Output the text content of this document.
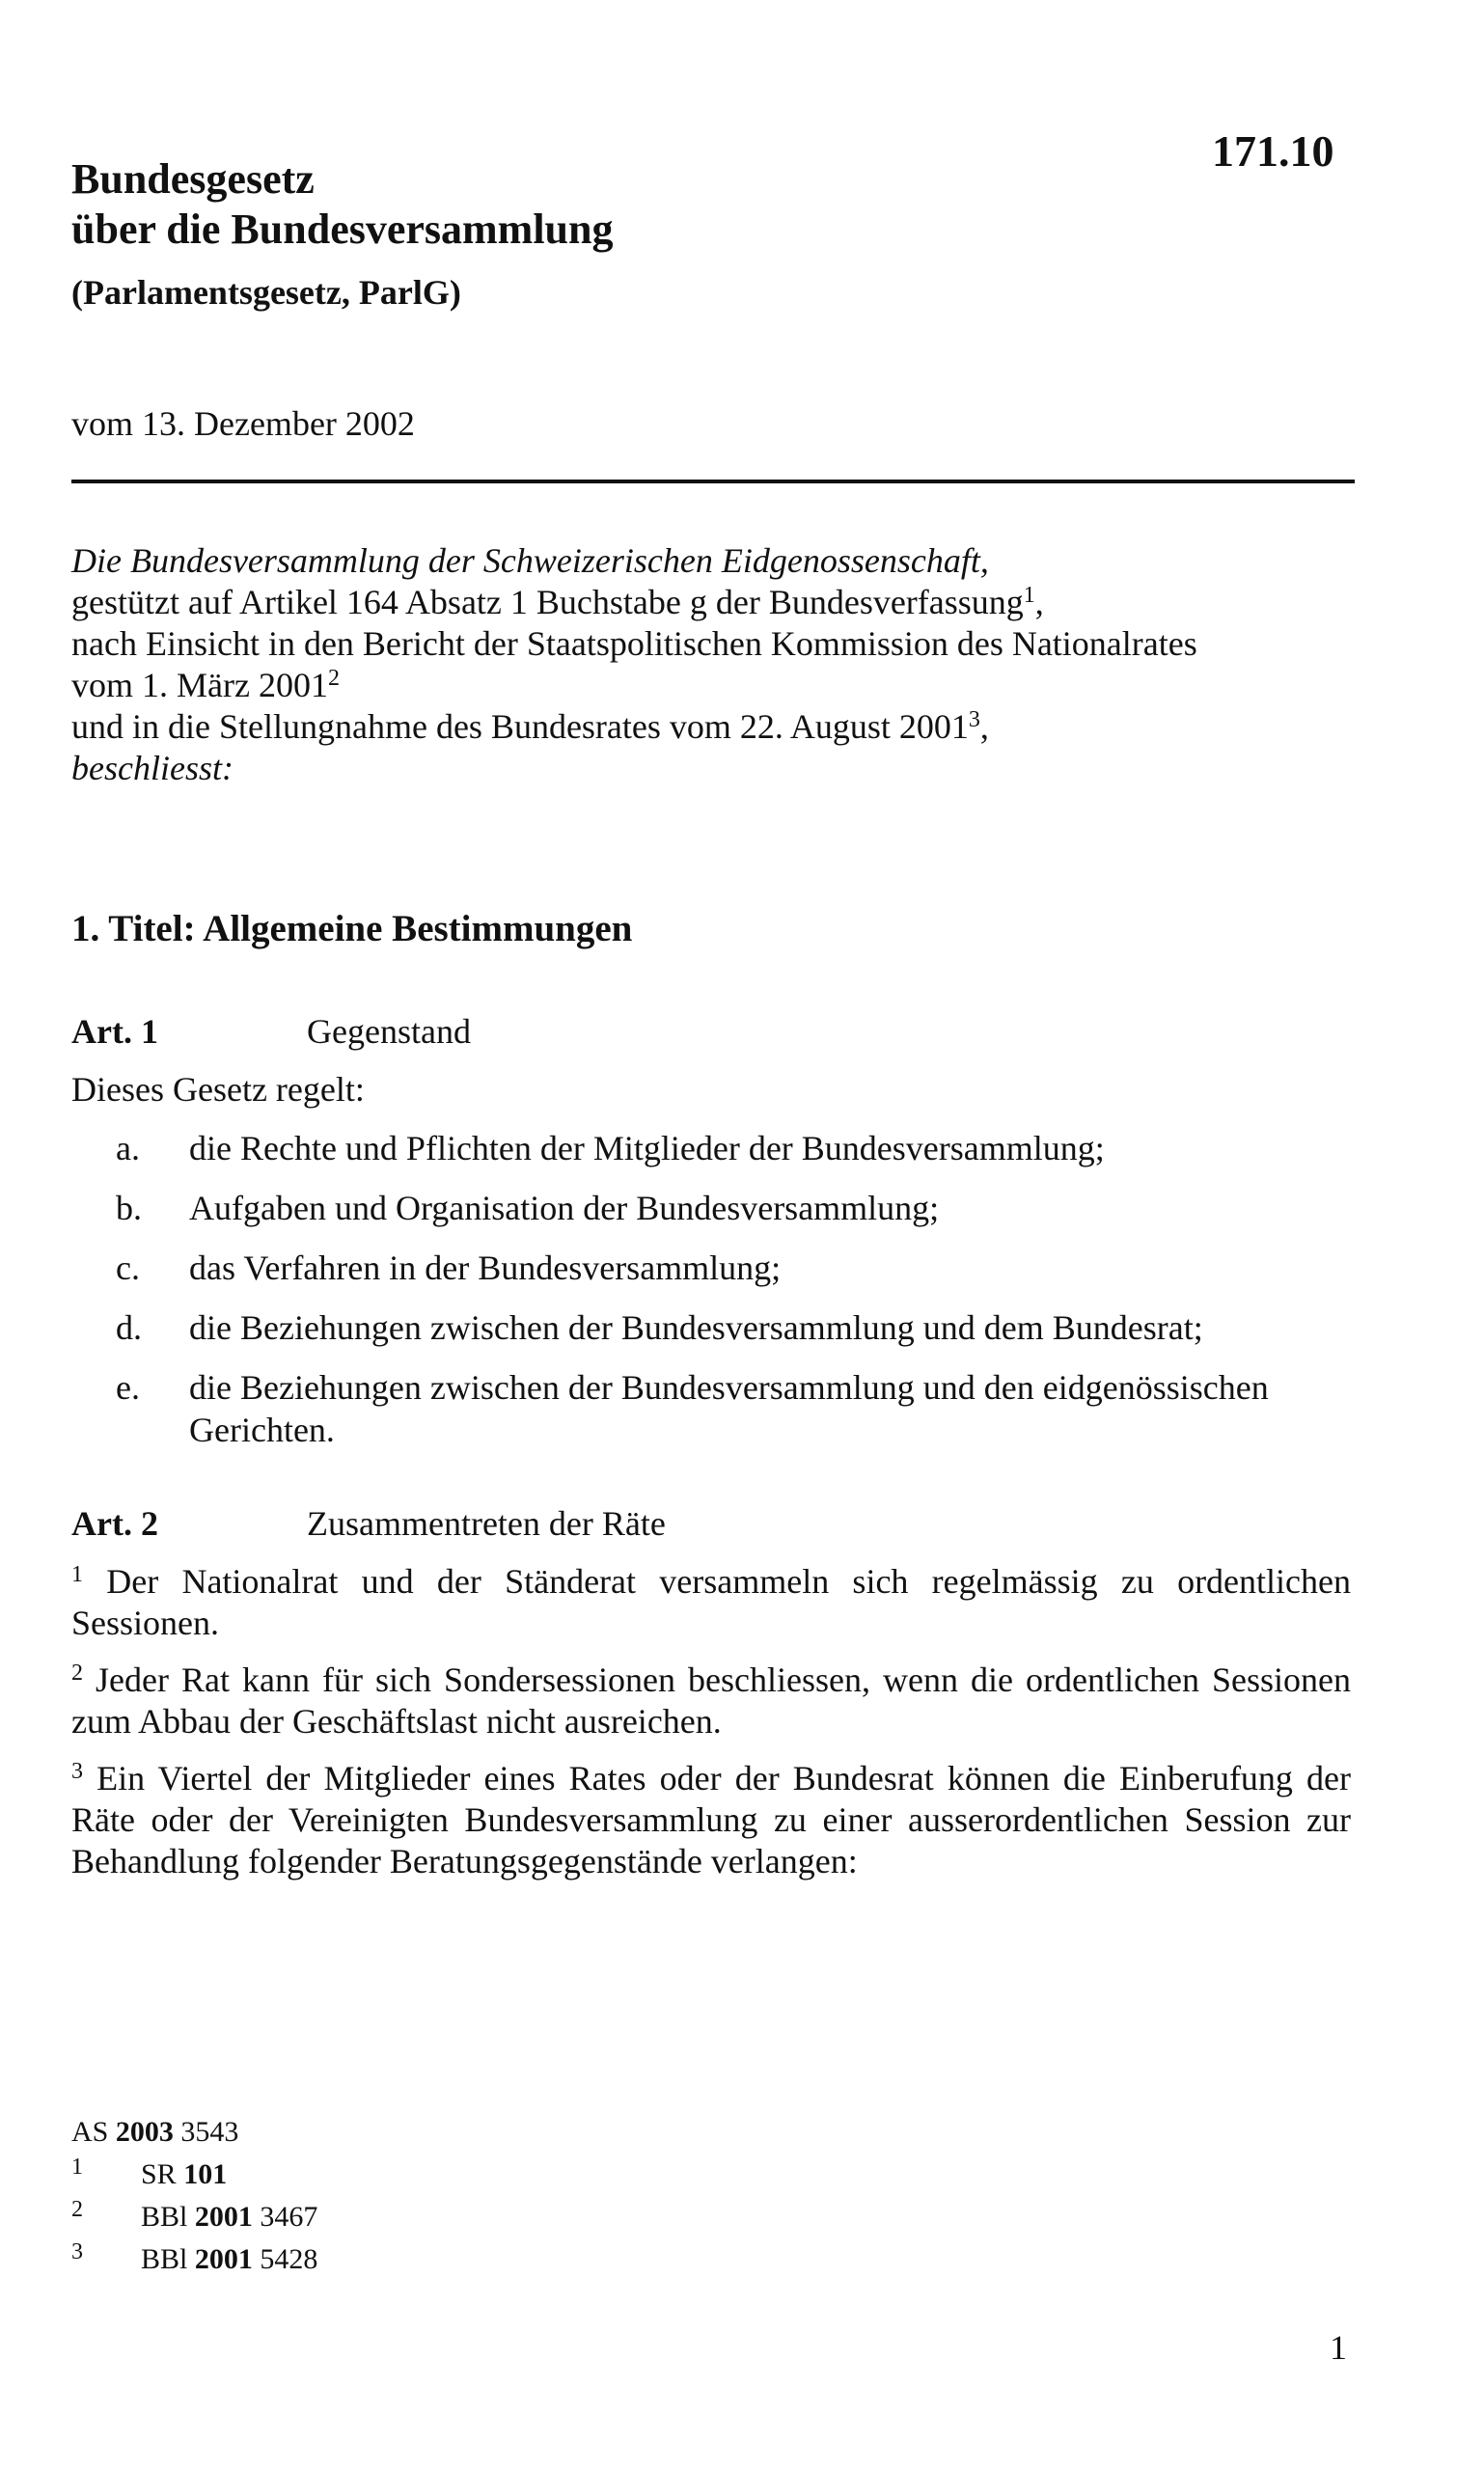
Bundesgesetz
über die Bundesversammlung
(Parlamentsgesetz, ParlG)
171.10
vom 13. Dezember 2002
Die Bundesversammlung der Schweizerischen Eidgenossenschaft,
gestützt auf Artikel 164 Absatz 1 Buchstabe g der Bundesverfassung$^1$,
nach Einsicht in den Bericht der Staatspolitischen Kommission des Nationalrates
vom 1. März 2001$^2$
und in die Stellungnahme des Bundesrates vom 22. August 2001$^3$,
beschliesst:
1. Titel: Allgemeine Bestimmungen
Art. 1	Gegenstand
Dieses Gesetz regelt:
a.	die Rechte und Pflichten der Mitglieder der Bundesversammlung;
b.	Aufgaben und Organisation der Bundesversammlung;
c.	das Verfahren in der Bundesversammlung;
d.	die Beziehungen zwischen der Bundesversammlung und dem Bundesrat;
e.	die Beziehungen zwischen der Bundesversammlung und den eidgenössischen Gerichten.
Art. 2	Zusammentreten der Räte
$^1$ Der Nationalrat und der Ständerat versammeln sich regelmässig zu ordentlichen Sessionen.
$^2$ Jeder Rat kann für sich Sondersessionen beschliessen, wenn die ordentlichen Sessionen zum Abbau der Geschäftslast nicht ausreichen.
$^3$ Ein Viertel der Mitglieder eines Rates oder der Bundesrat können die Einberufung der Räte oder der Vereinigten Bundesversammlung zu einer ausserordentlichen Session zur Behandlung folgender Beratungsgegenstände verlangen:
AS 2003 3543
1 SR 101
2 BBl 2001 3467
3 BBl 2001 5428
1
